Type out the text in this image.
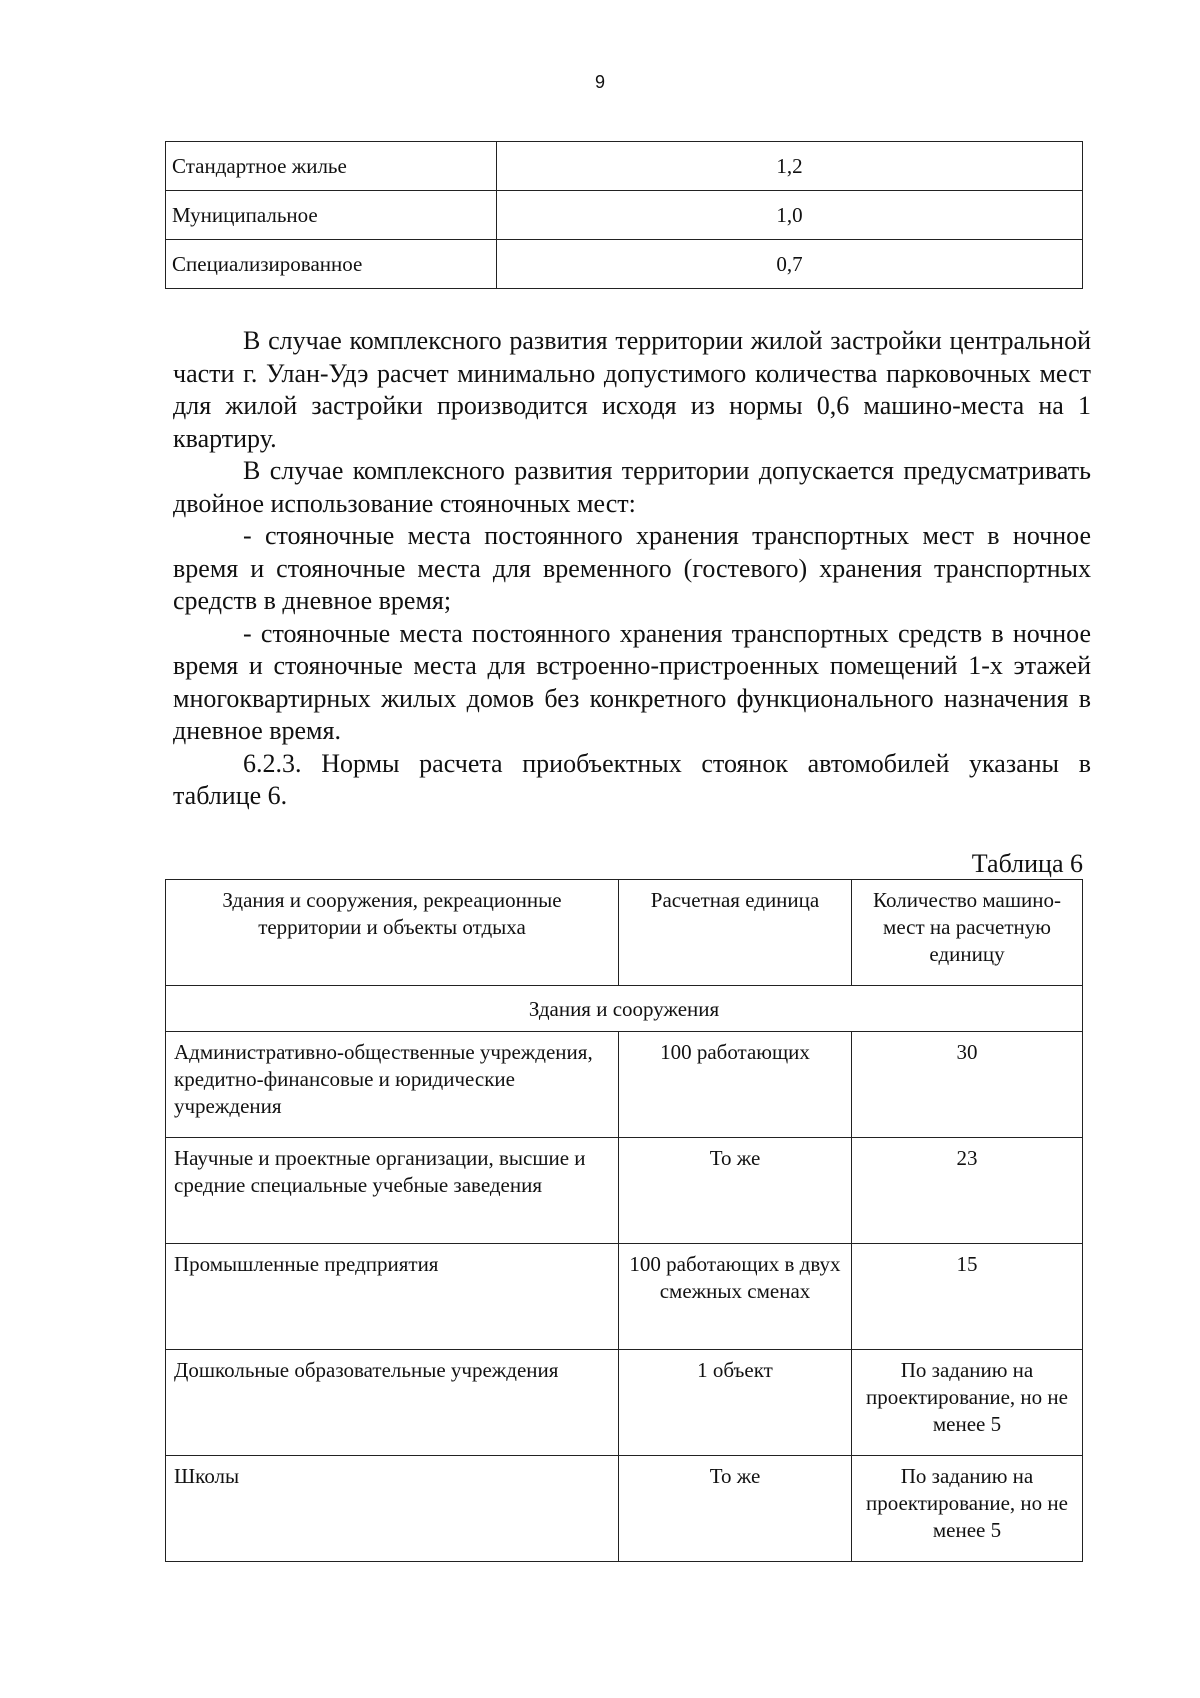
9
Стандартное жилье	1,2
Муниципальное	1,0
Специализированное	0,7

В случае комплексного развития территории жилой застройки центральной части г. Улан-Удэ расчет минимально допустимого количества парковочных мест для жилой застройки производится исходя из нормы 0,6 машино-места на 1 квартиру.

В случае комплексного развития территории допускается предусматривать двойное использование стояночных мест:

- стояночные места постоянного хранения транспортных мест в ночное время и стояночные места для временного (гостевого) хранения транспортных средств в дневное время;

- стояночные места постоянного хранения транспортных средств в ночное время и стояночные места для встроенно-пристроенных помещений 1-х этажей многоквартирных жилых домов без конкретного функционального назначения в дневное время.

6.2.3. Нормы расчета приобъектных стоянок автомобилей указаны в таблице 6.

Таблица 6
Здания и сооружения, рекреационные территории и объекты отдыха	Расчетная единица	Количество машино-мест на расчетную единицу
Здания и сооружения		
Административно-общественные учреждения, кредитно-финансовые и юридические учреждения	100 работающих	30
Научные и проектные организации, высшие и средние специальные учебные заведения	То же	23
Промышленные предприятия	100 работающих в двух смежных сменах	15
Дошкольные образовательные учреждения	1 объект	По заданию на проектирование, но не менее 5
Школы	То же	По заданию на проектирование, но не менее 5
